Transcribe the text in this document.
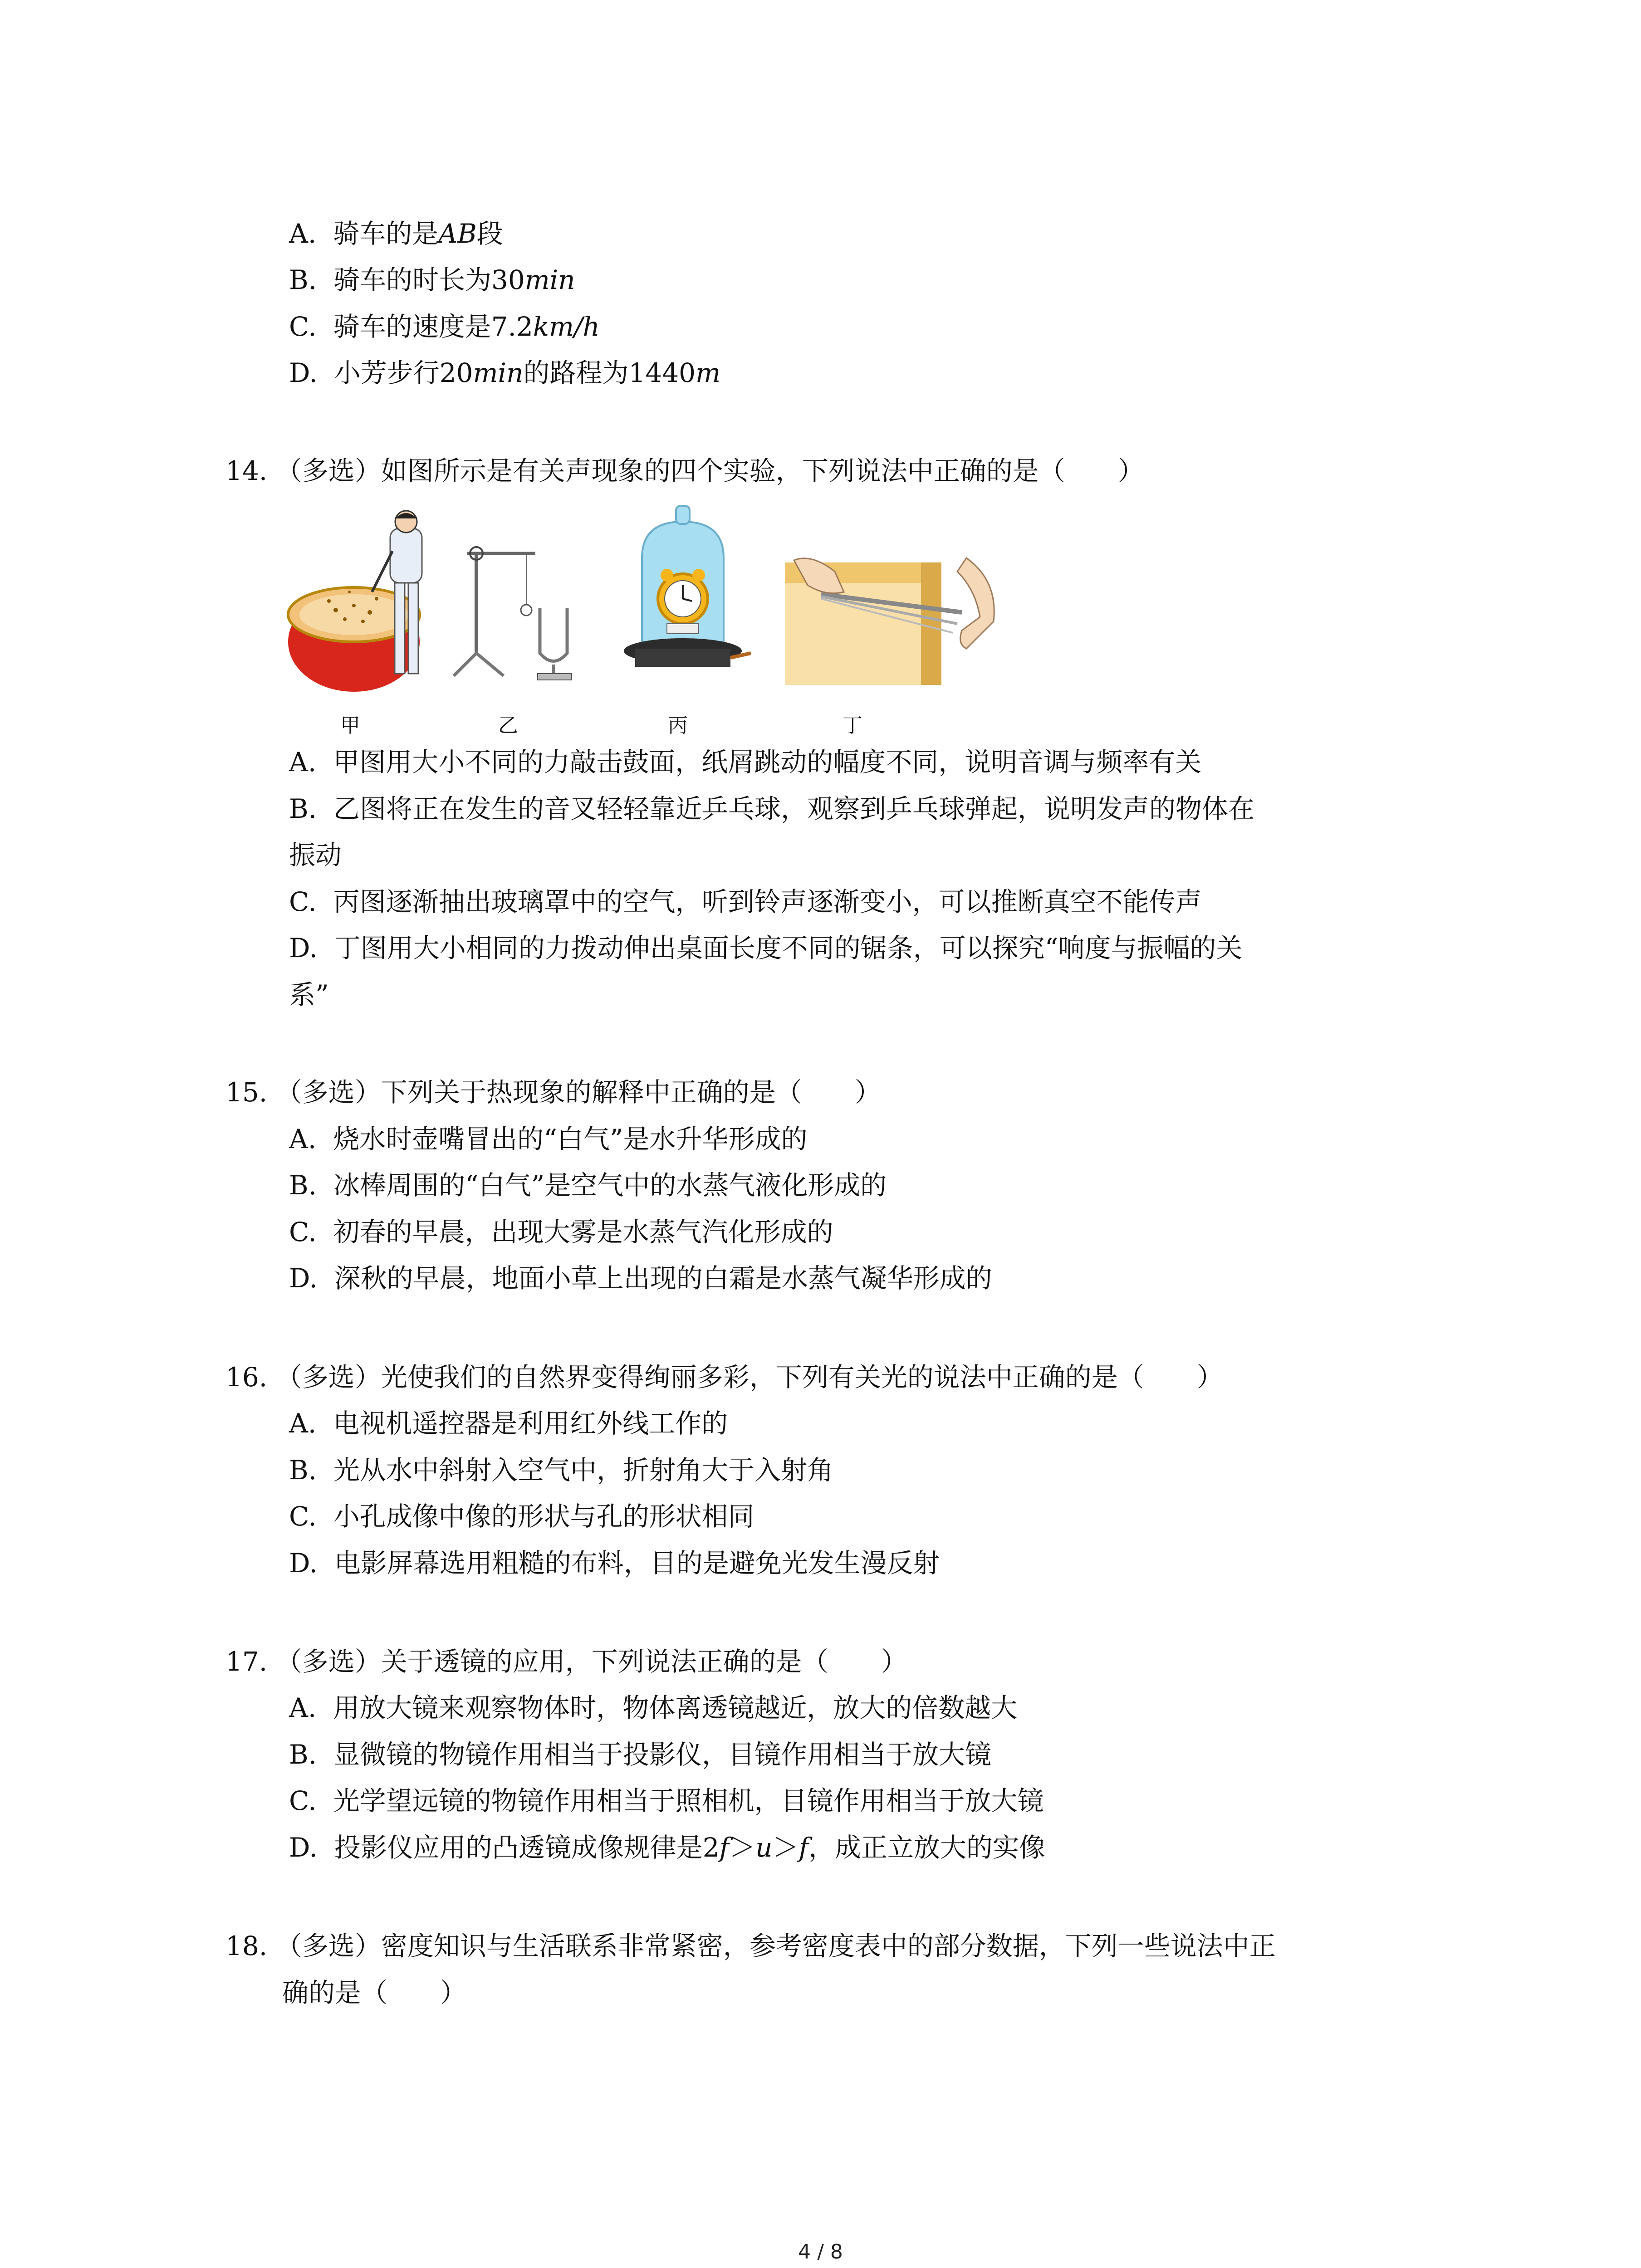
A. 骑车的是AB段
B. 骑车的时长为30min
C. 骑车的速度是7.2km/h
D. 小芳步行20min的路程为1440m
14. （多选）如图所示是有关声现象的四个实验，下列说法中正确的是（　　）
甲	乙	丙	丁
A. 甲图用大小不同的力敲击鼓面，纸屑跳动的幅度不同，说明音调与频率有关
B. 乙图将正在发生的音叉轻轻靠近乒乓球，观察到乒乓球弹起，说明发声的物体在
振动
C. 丙图逐渐抽出玻璃罩中的空气，听到铃声逐渐变小，可以推断真空不能传声
D. 丁图用大小相同的力拨动伸出桌面长度不同的锯条，可以探究“响度与振幅的关
系”
15. （多选）下列关于热现象的解释中正确的是（　　）
A. 烧水时壶嘴冒出的“白气”是水升华形成的
B. 冰棒周围的“白气”是空气中的水蒸气液化形成的
C. 初春的早晨，出现大雾是水蒸气汽化形成的
D. 深秋的早晨，地面小草上出现的白霜是水蒸气凝华形成的
16. （多选）光使我们的自然界变得绚丽多彩，下列有关光的说法中正确的是（　　）
A. 电视机遥控器是利用红外线工作的
B. 光从水中斜射入空气中，折射角大于入射角
C. 小孔成像中像的形状与孔的形状相同
D. 电影屏幕选用粗糙的布料，目的是避免光发生漫反射
17. （多选）关于透镜的应用，下列说法正确的是（　　）
A. 用放大镜来观察物体时，物体离透镜越近，放大的倍数越大
B. 显微镜的物镜作用相当于投影仪，目镜作用相当于放大镜
C. 光学望远镜的物镜作用相当于照相机，目镜作用相当于放大镜
D. 投影仪应用的凸透镜成像规律是2f＞u＞f，成正立放大的实像
18. （多选）密度知识与生活联系非常紧密，参考密度表中的部分数据，下列一些说法中正
确的是（　　）
4 / 8
